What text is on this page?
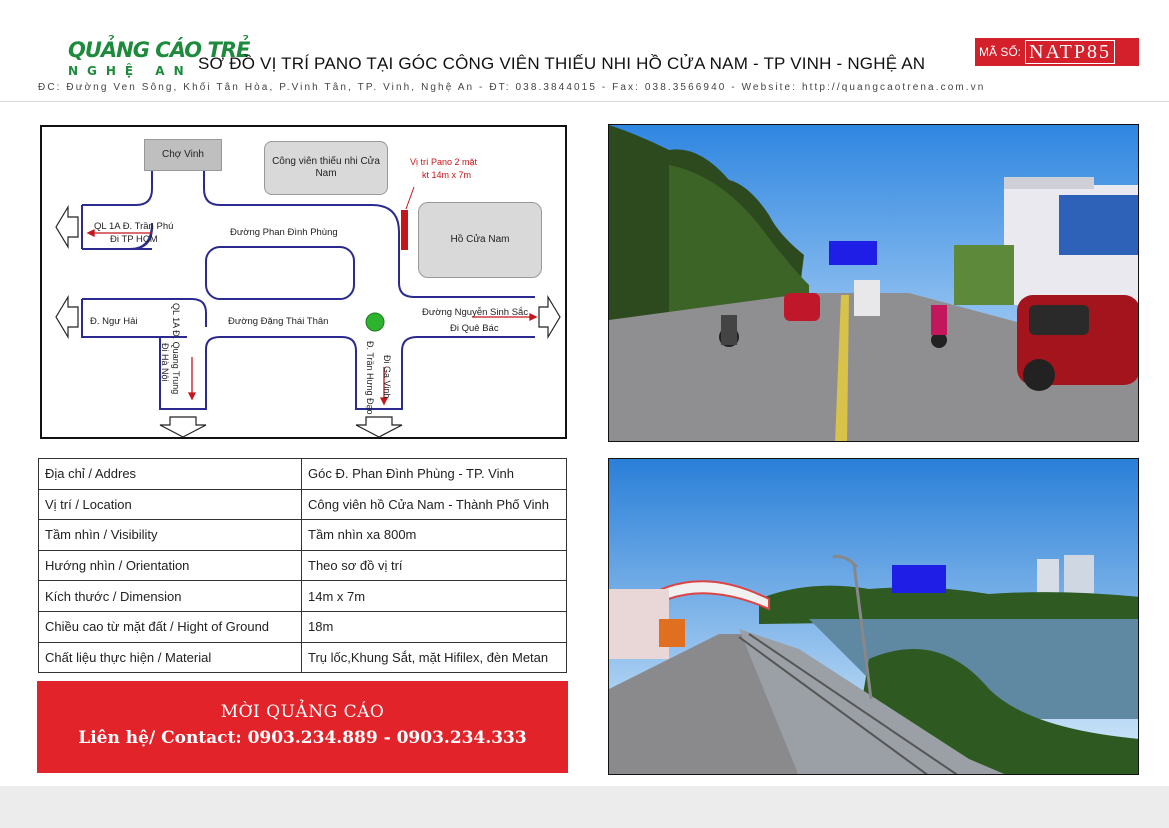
QUẢNG CÁO TRẺ
NGHỆ AN SƠ ĐỒ VỊ TRÍ PANO TẠI GÓC CÔNG VIÊN THIẾU NHI HỒ CỬA NAM - TP VINH - NGHỆ AN
MÃ SỐ: NATP85
ĐC: Đường Ven Sông, Khối Tân Hòa, P.Vinh Tân, TP. Vinh, Nghệ An - ĐT: 038.3844015 - Fax: 038.3566940 - Website: http://quangcaotrena.com.vn
Chợ Vinh
Công viên thiếu nhi Cửa Nam
Hồ Cửa Nam
Vị trí Pano 2 mặt
kt 14m x 7m
QL 1A Đ. Trần Phú
Đi TP HCM
Đường Phan Đình Phùng
Đ. Ngư Hải	Đường Đặng Thái Thân
Đường Nguyễn Sinh Sắc
Đi Quê Bác
QL 1A Đ. Quang Trung
Đi Hà Nội	Đ. Trần Hưng Đạo Đi Ga Vinh
Địa chỉ / Addres	Góc Đ. Phan Đình Phùng - TP. Vinh
Vị trí / Location	Công viên hồ Cửa Nam - Thành Phố Vinh
Tầm nhìn / Visibility	Tầm nhìn xa 800m
Hướng nhìn / Orientation	Theo sơ đồ vị trí
Kích thước / Dimension	14m x 7m
Chiều cao từ mặt đất / Hight of Ground	18m
Chất liệu thực hiện / Material	Trụ lốc,Khung Sắt, mặt Hifilex, đèn Metan
MỜI QUẢNG CÁO
Liên hệ/ Contact: 0903.234.889 - 0903.234.333
